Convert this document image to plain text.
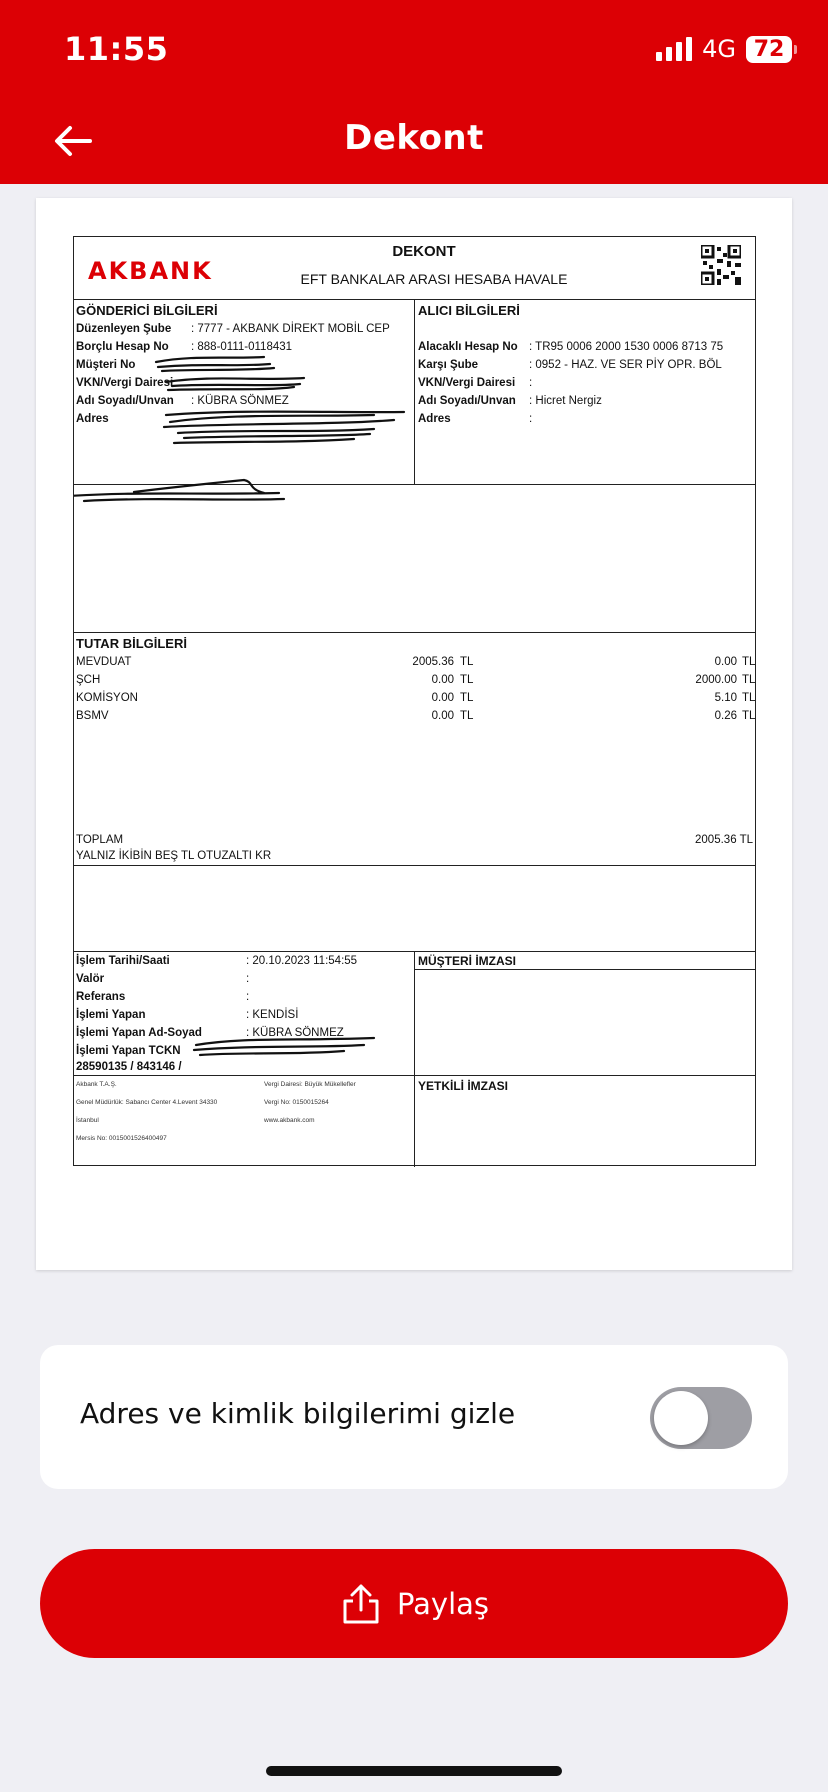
11:55	4G 72
Dekont
AKBANK
DEKONT
EFT BANKALAR ARASI HESABA HAVALE
GÖNDERİCİ BİLGİLERİ
Düzenleyen Şube : 7777 - AKBANK DİREKT MOBİL CEP
Borçlu Hesap No : 888-0111-0118431
Müşteri No
VKN/Vergi Dairesi
Adı Soyadı/Unvan : KÜBRA SÖNMEZ
Adres
ALICI BİLGİLERİ
Alacaklı Hesap No : TR95 0006 2000 1530 0006 8713 75
Karşı Şube	: 0952 - HAZ. VE SER PİY OPR. BÖL
VKN/Vergi Dairesi :
Adı Soyadı/Unvan : Hicret Nergiz
Adres	:
TUTAR BİLGİLERİ
MEVDUAT	2005.36 TL	0.00 TL
ŞCH	0.00 TL	2000.00 TL
KOMİSYON	0.00 TL	5.10 TL
BSMV	0.00 TL	0.26 TL
TOPLAM	2005.36 TL
YALNIZ İKİBİN BEŞ TL OTUZALTI KR
İşlem Tarihi/Saati	: 20.10.2023 11:54:55
Valör	:
Referans	:
İşlemi Yapan	: KENDİSİ
İşlemi Yapan Ad-Soyad	: KÜBRA SÖNMEZ
İşlemi Yapan TCKN
28590135 / 843146 /
MÜŞTERİ İMZASI
YETKİLİ İMZASI
Akbank T.A.Ş.
Genel Müdürlük: Sabancı Center 4.Levent 34330
İstanbul
Mersis No: 0015001526400497
Vergi Dairesi: Büyük Mükellefler
Vergi No: 0150015264
www.akbank.com
Adres ve kimlik bilgilerimi gizle
Paylaş
